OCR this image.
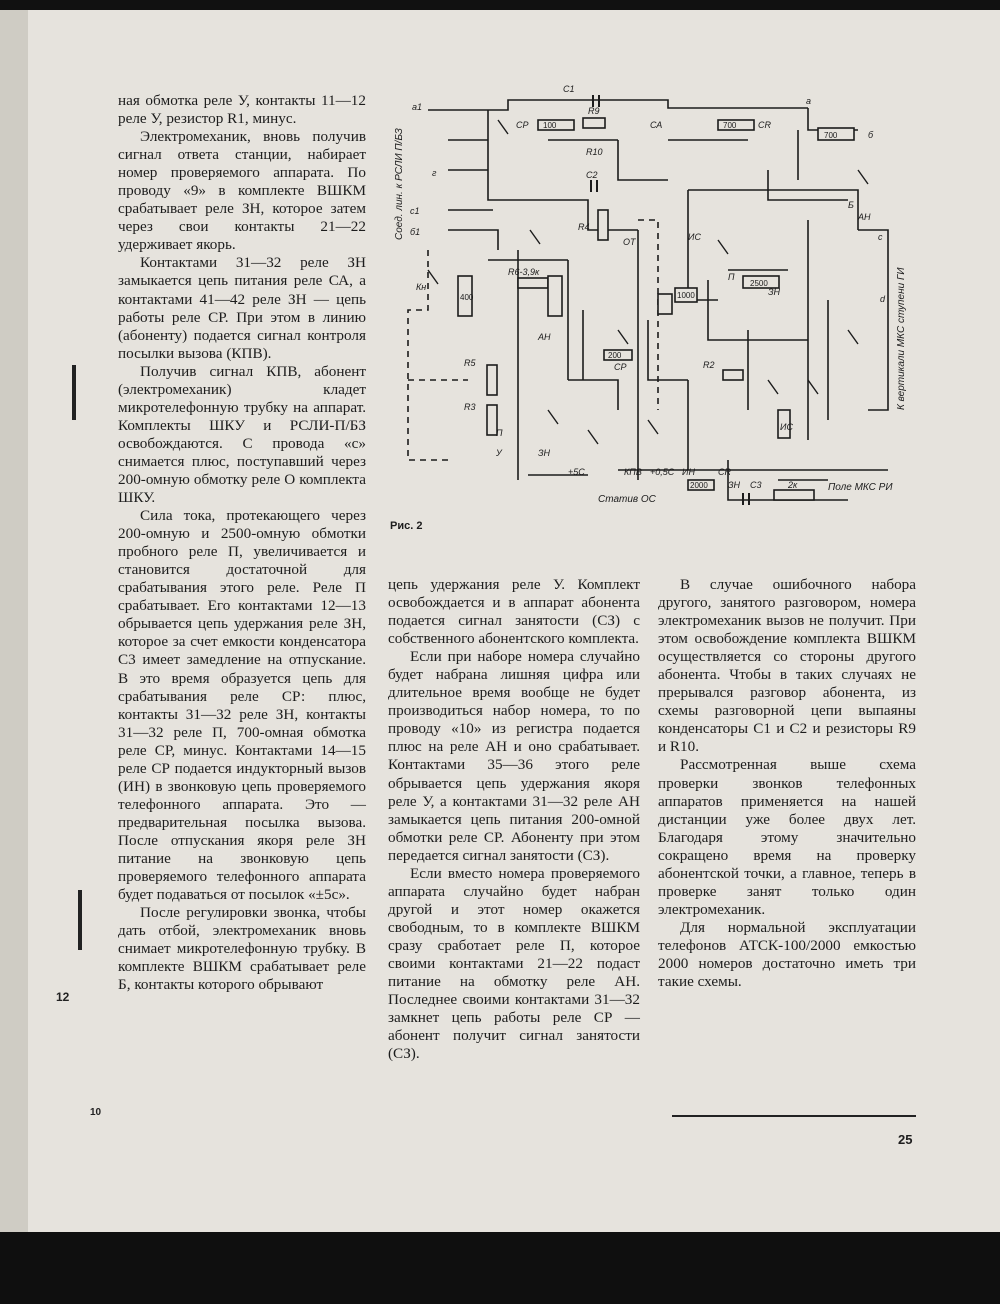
а1
г
с1
б1
Кн
С1
СР
R9
R10
С2
СА	СR
а
б
Б
АН
с
d
R4
R6-3,9к
R5
R3
R2
ОТ	ИС
П
ЗН
АН
СР
КПВ
+5С	+0,5С ИН	СR
ЗН С3	2к
ИС
П
У	ЗН
100	700
700
1000
2500
200
2000
400
Статив ОС
Поле МКС РИ
Соед. лин. к РСЛИ П/БЗ
К вертикали МКС ступени ГИ
Рис. 2

ная обмотка реле У, контакты 11—12 реле У, резистор R1, минус.

Электромеханик, вновь получив сигнал ответа станции, набирает номер проверяемого аппарата. По проводу «9» в комплекте ВШКМ срабатывает реле ЗН, которое затем через свои контакты 21—22 удерживает якорь.

Контактами 31—32 реле ЗН замыкается цепь питания реле СА, а контактами 41—42 реле ЗН — цепь работы реле СР. При этом в линию (абоненту) подается сигнал контроля посылки вызова (КПВ).

Получив сигнал КПВ, абонент (электромеханик) кладет микротелефонную трубку на аппарат. Комплекты ШКУ и РСЛИ-П/БЗ освобождаются. С провода «с» снимается плюс, поступавший через 200-омную обмотку реле О комплекта ШКУ.

Сила тока, протекающего через 200-омную и 2500-омную обмотки пробного реле П, увеличивается и становится достаточной для срабатывания этого реле. Реле П срабатывает. Его контактами 12—13 обрывается цепь удержания реле ЗН, которое за счет емкости конденсатора С3 имеет замедление на отпускание. В это время образуется цепь для срабатывания реле СР: плюс, контакты 31—32 реле ЗН, контакты 31—32 реле П, 700-омная обмотка реле СР, минус. Контактами 14—15 реле СР подается индукторный вызов (ИН) в звонковую цепь проверяемого телефонного аппарата. Это — предварительная посылка вызова. После отпускания якоря реле ЗН питание на звонковую цепь проверяемого телефонного аппарата будет подаваться от посылок «±5с».

После регулировки звонка, чтобы дать отбой, электромеханик вновь снимает микротелефонную трубку. В комплекте ВШКМ срабатывает реле Б, контакты которого обрывают

цепь удержания реле У. Комплект освобождается и в аппарат абонента подается сигнал занятости (СЗ) с собственного абонентского комплекта.

Если при наборе номера случайно будет набрана лишняя цифра или длительное время вообще не будет производиться набор номера, то по проводу «10» из регистра подается плюс на реле АН и оно срабатывает. Контактами 35—36 этого реле обрывается цепь удержания якоря реле У, а контактами 31—32 реле АН замыкается цепь питания 200-омной обмотки реле СР. Абоненту при этом передается сигнал занятости (СЗ).

Если вместо номера проверяемого аппарата случайно будет набран другой и этот номер окажется свободным, то в комплекте ВШКМ сразу сработает реле П, которое своими контактами 21—22 подаст питание на обмотку реле АН. Последнее своими контактами 31—32 замкнет цепь работы реле СР — абонент получит сигнал занятости (СЗ).

В случае ошибочного набора другого, занятого разговором, номера электромеханик вызов не получит. При этом освобождение комплекта ВШКМ осуществляется со стороны другого абонента. Чтобы в таких случаях не прерывался разговор абонента, из схемы разговорной цепи выпаяны конденсаторы С1 и С2 и резисторы R9 и R10.

Рассмотренная выше схема проверки звонков телефонных аппаратов применяется на нашей дистанции уже более двух лет. Благодаря этому значительно сокращено время на проверку абонентской точки, а главное, теперь в проверке занят только один электромеханик.

Для нормальной эксплуатации телефонов АТСК-100/2000 емкостью 2000 номеров достаточно иметь три такие схемы.

12
10
25
